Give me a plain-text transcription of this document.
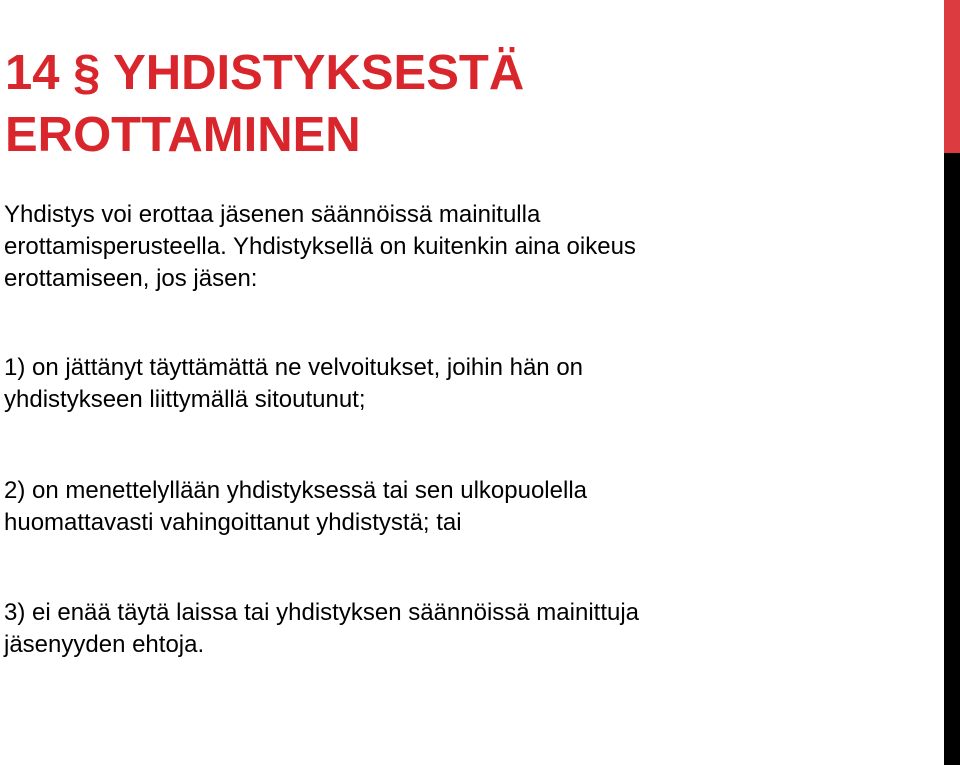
14 § YHDISTYKSESTÄ
EROTTAMINEN

Yhdistys voi erottaa jäsenen säännöissä mainitulla
erottamisperusteella. Yhdistyksellä on kuitenkin aina oikeus
erottamiseen, jos jäsen:

1) on jättänyt täyttämättä ne velvoitukset, joihin hän on
yhdistykseen liittymällä sitoutunut;

2) on menettelyllään yhdistyksessä tai sen ulkopuolella
huomattavasti vahingoittanut yhdistystä; tai

3) ei enää täytä laissa tai yhdistyksen säännöissä mainittuja
jäsenyyden ehtoja.
